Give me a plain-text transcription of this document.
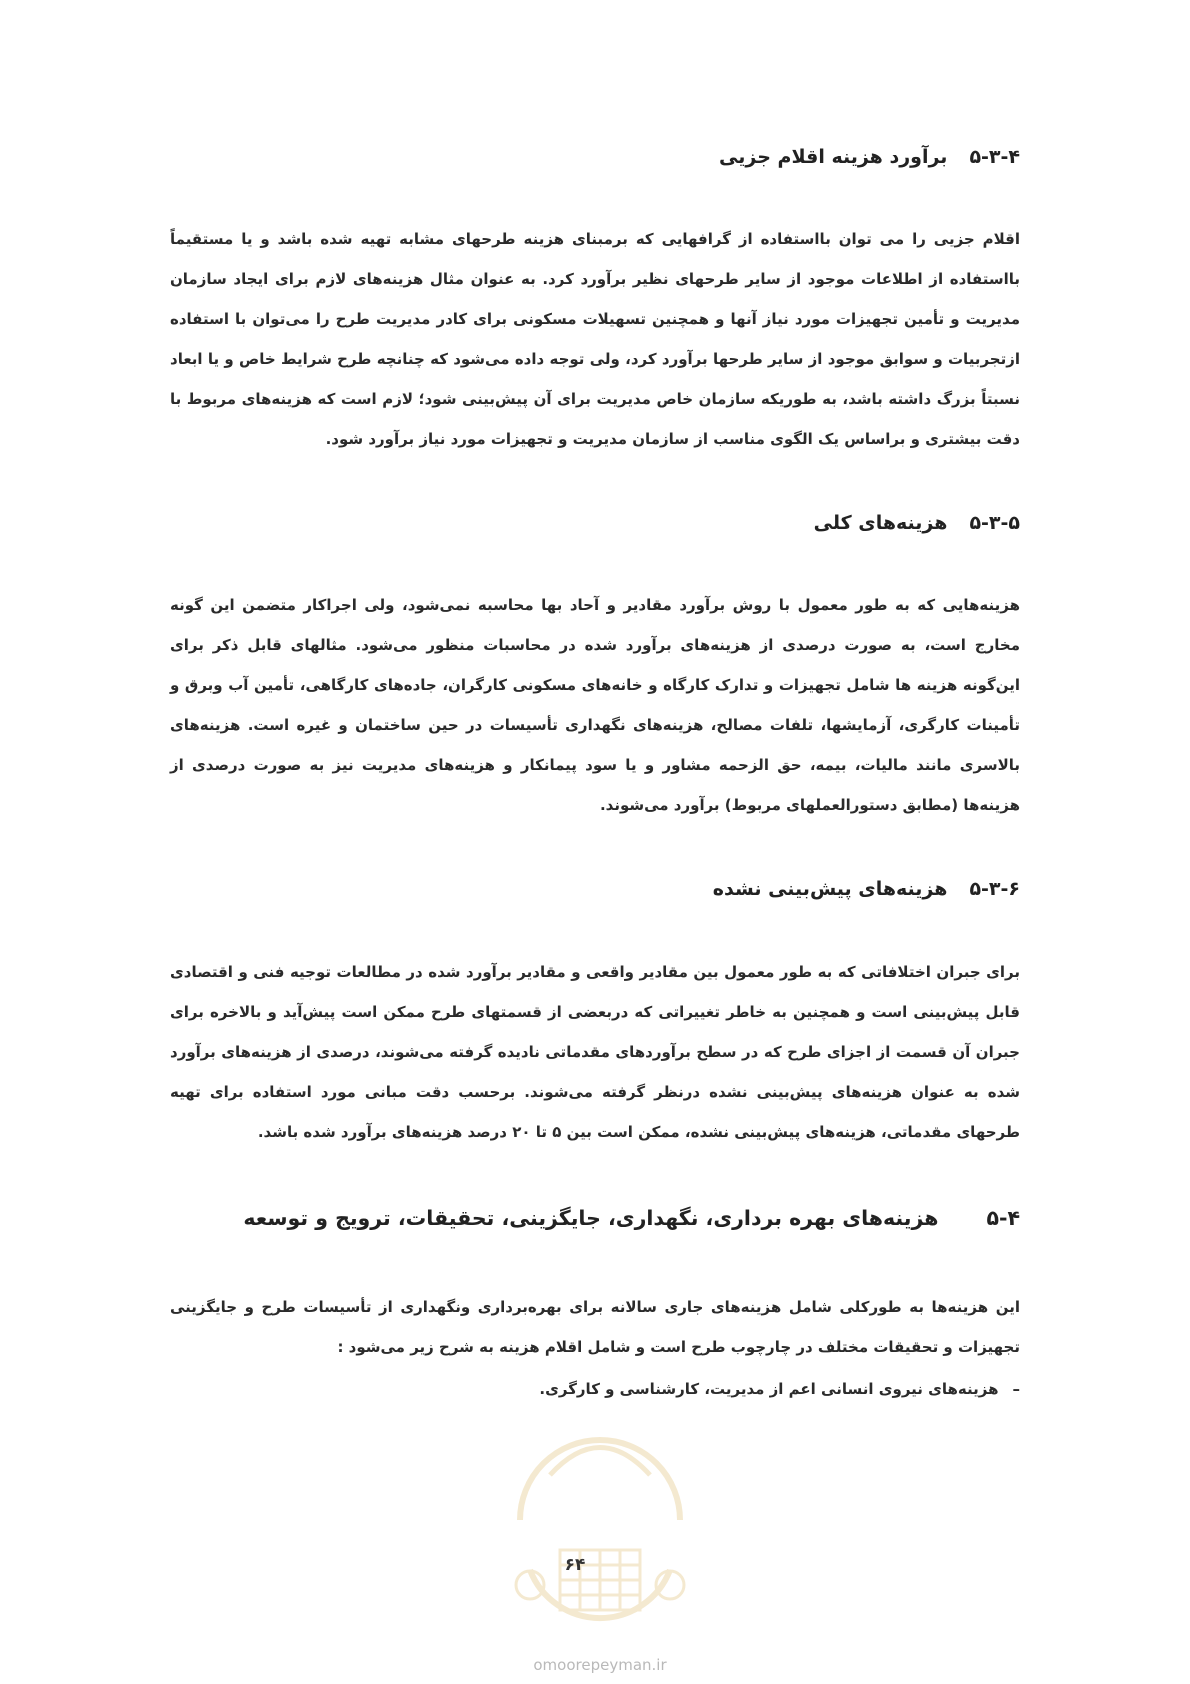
۵-۳-۴برآورد هزینه اقلام جزیی
اقلام جزیی را می توان بااستفاده از گرافهایی که برمبنای هزینه طرحهای مشابه تهیه شده باشد و یا مستقیماً بااستفاده از اطلاعات موجود از سایر طرحهای نظیر برآورد کرد. به عنوان مثال هزینه‌های لازم برای ایجاد سازمان مدیریت و تأمین تجهیزات مورد نیاز آنها و همچنین تسهیلات مسکونی برای کادر مدیریت طرح را می‌توان با استفاده ازتجربیات و سوابق موجود از سایر طرحها برآورد کرد، ولی توجه داده می‌شود که چنانچه طرح شرایط خاص و یا ابعاد نسبتاً بزرگ داشته باشد، به طوریکه سازمان خاص مدیریت برای آن پیش‌بینی شود؛ لازم است که هزینه‌های مربوط با دقت بیشتری و براساس یک الگوی مناسب از سازمان مدیریت و تجهیزات مورد نیاز برآورد شود.
۵-۳-۵هزینه‌های کلی
هزینه‌هایی که به طور معمول با روش برآورد مقادیر و آحاد بها محاسبه نمی‌شود، ولی اجراکار متضمن این گونه مخارج است، به صورت درصدی از هزینه‌های برآورد شده در محاسبات منظور می‌شود. مثالهای قابل ذکر برای این‌گونه هزینه ها شامل تجهیزات و تدارک کارگاه و خانه‌های مسکونی کارگران، جاده‌های کارگاهی، تأمین آب وبرق و تأمینات کارگری، آزمایشها، تلفات مصالح، هزینه‌های نگهداری تأسیسات در حین ساختمان و غیره است. هزینه‌های بالاسری مانند مالیات، بیمه، حق الزحمه مشاور و یا سود پیمانکار و هزینه‌های مدیریت نیز به صورت درصدی از هزینه‌ها (مطابق دستورالعملهای مربوط) برآورد می‌شوند.
۵-۳-۶هزینه‌های پیش‌بینی نشده
برای جبران اختلافاتی که به طور معمول بین مقادیر واقعی و مقادیر برآورد شده در مطالعات توجیه فنی و اقتصادی قابل پیش‌بینی است و همچنین به خاطر تغییراتی که دربعضی از قسمتهای طرح ممکن است پیش‌آید و بالاخره برای جبران آن قسمت از اجزای طرح که در سطح برآوردهای مقدماتی نادیده گرفته می‌شوند، درصدی از هزینه‌های برآورد شده به عنوان هزینه‌های پیش‌بینی نشده درنظر گرفته می‌شوند. برحسب دقت مبانی مورد استفاده برای تهیه طرحهای مقدماتی، هزینه‌های پیش‌بینی نشده، ممکن است بین ۵ تا ۲۰ درصد هزینه‌های برآورد شده باشد.
۵-۴هزینه‌های بهره برداری، نگهداری، جایگزینی، تحقیقات، ترویج و توسعه
این هزینه‌ها به طورکلی شامل هزینه‌های جاری سالانه برای بهره‌برداری ونگهداری از تأسیسات طرح و جایگزینی تجهیزات و تحقیقات مختلف در چارچوب طرح است و شامل اقلام هزینه به شرح زیر می‌شود :
–هزینه‌های نیروی انسانی اعم از مدیریت، کارشناسی و کارگری.
۶۴
omoorepeyman.ir
